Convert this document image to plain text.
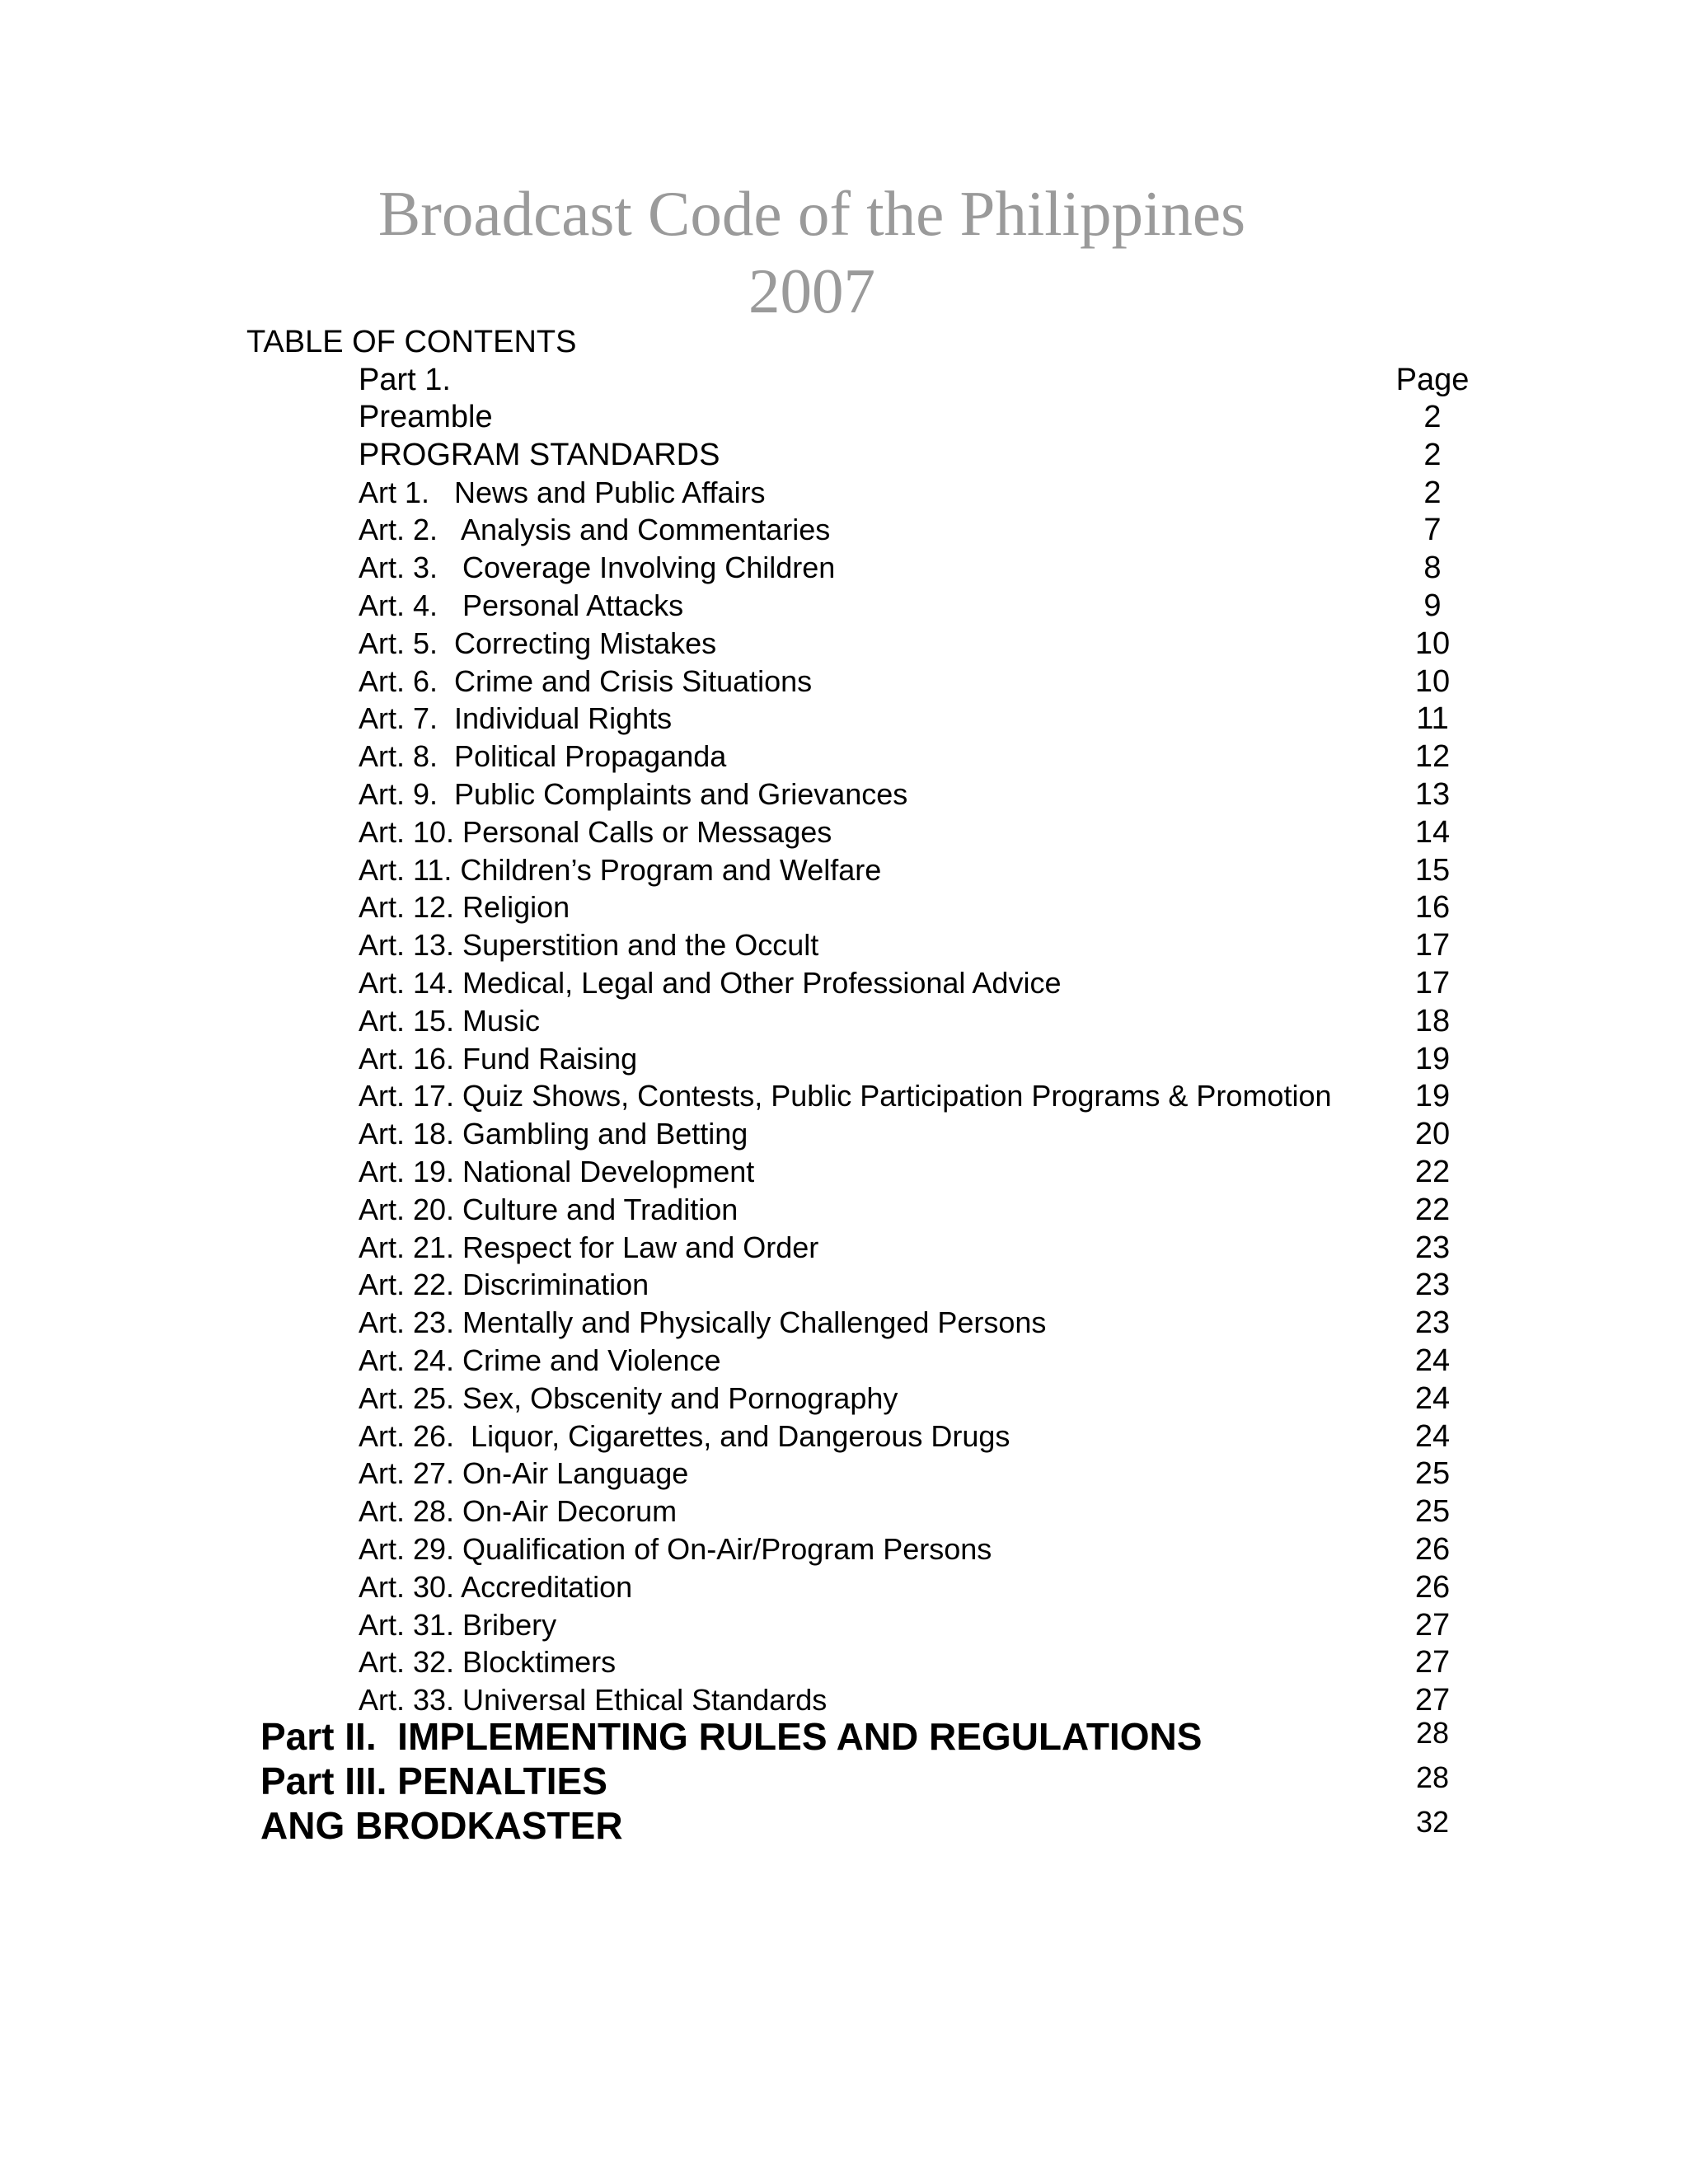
Broadcast Code of the Philippines
2007
TABLE OF CONTENTS
Part 1.	Page
Preamble	2
PROGRAM STANDARDS	2
Art 1.   News and Public Affairs	2
Art. 2.   Analysis and Commentaries	7
Art. 3.   Coverage Involving Children	8
Art. 4.   Personal Attacks	9
Art. 5.  Correcting Mistakes	10
Art. 6.  Crime and Crisis Situations	10
Art. 7.  Individual Rights	11
Art. 8.  Political Propaganda	12
Art. 9.  Public Complaints and Grievances	13
Art. 10. Personal Calls or Messages	14
Art. 11. Children’s Program and Welfare	15
Art. 12. Religion	16
Art. 13. Superstition and the Occult	17
Art. 14. Medical, Legal and Other Professional Advice	17
Art. 15. Music	18
Art. 16. Fund Raising	19
Art. 17. Quiz Shows, Contests, Public Participation Programs & Promotion	19
Art. 18. Gambling and Betting	20
Art. 19. National Development	22
Art. 20. Culture and Tradition	22
Art. 21. Respect for Law and Order	23
Art. 22. Discrimination	23
Art. 23. Mentally and Physically Challenged Persons	23
Art. 24. Crime and Violence	24
Art. 25. Sex, Obscenity and Pornography	24
Art. 26.  Liquor, Cigarettes, and Dangerous Drugs	24
Art. 27. On-Air Language	25
Art. 28. On-Air Decorum	25
Art. 29. Qualification of On-Air/Program Persons	26
Art. 30. Accreditation	26
Art. 31. Bribery	27
Art. 32. Blocktimers	27
Art. 33. Universal Ethical Standards	27
Part II.  IMPLEMENTING RULES AND REGULATIONS	28
Part III. PENALTIES	28
ANG BRODKASTER	32
